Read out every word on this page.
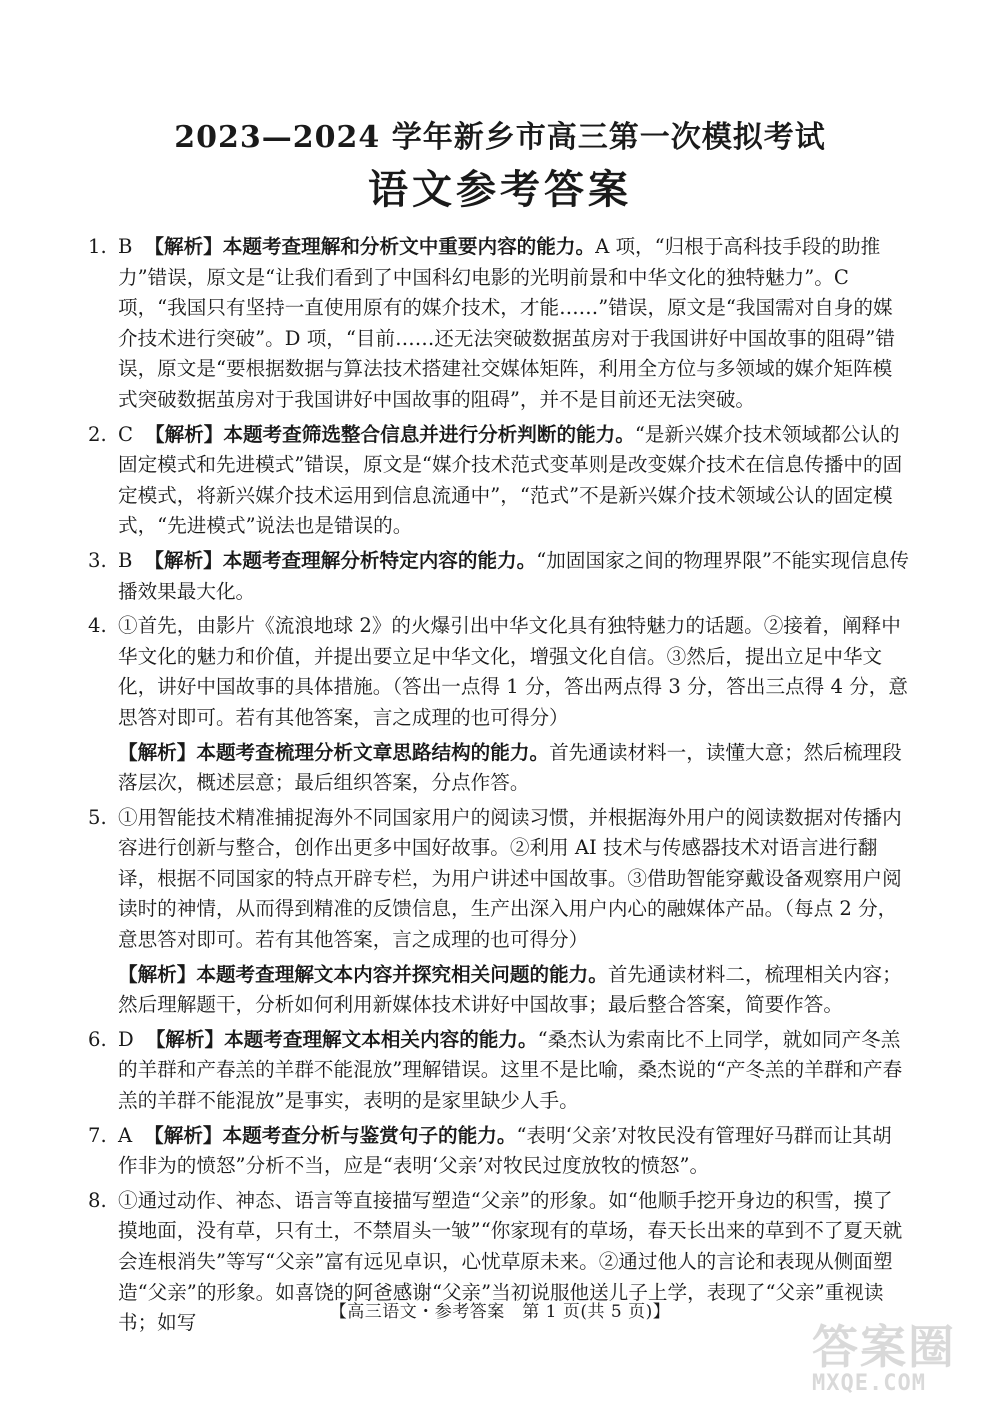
2023—2024 学年新乡市高三第一次模拟考试
语文参考答案
1. B 【解析】本题考查理解和分析文中重要内容的能力。A 项，“归根于高科技手段的助推力”错误，原文是“让我们看到了中国科幻电影的光明前景和中华文化的独特魅力”。C 项，“我国只有坚持一直使用原有的媒介技术，才能……”错误，原文是“我国需对自身的媒介技术进行突破”。D 项，“目前……还无法突破数据茧房对于我国讲好中国故事的阻碍”错误，原文是“要根据数据与算法技术搭建社交媒体矩阵，利用全方位与多领域的媒介矩阵模式突破数据茧房对于我国讲好中国故事的阻碍”，并不是目前还无法突破。
2. C 【解析】本题考查筛选整合信息并进行分析判断的能力。“是新兴媒介技术领域都公认的固定模式和先进模式”错误，原文是“媒介技术范式变革则是改变媒介技术在信息传播中的固定模式，将新兴媒介技术运用到信息流通中”，“范式”不是新兴媒介技术领域公认的固定模式，“先进模式”说法也是错误的。
3. B 【解析】本题考查理解分析特定内容的能力。“加固国家之间的物理界限”不能实现信息传播效果最大化。
4. ①首先，由影片《流浪地球 2》的火爆引出中华文化具有独特魅力的话题。②接着，阐释中华文化的魅力和价值，并提出要立足中华文化，增强文化自信。③然后，提出立足中华文化，讲好中国故事的具体措施。（答出一点得 1 分，答出两点得 3 分，答出三点得 4 分，意思答对即可。若有其他答案，言之成理的也可得分）
【解析】本题考查梳理分析文章思路结构的能力。首先通读材料一，读懂大意；然后梳理段落层次，概述层意；最后组织答案，分点作答。
5. ①用智能技术精准捕捉海外不同国家用户的阅读习惯，并根据海外用户的阅读数据对传播内容进行创新与整合，创作出更多中国好故事。②利用 AI 技术与传感器技术对语言进行翻译，根据不同国家的特点开辟专栏，为用户讲述中国故事。③借助智能穿戴设备观察用户阅读时的神情，从而得到精准的反馈信息，生产出深入用户内心的融媒体产品。（每点 2 分，意思答对即可。若有其他答案，言之成理的也可得分）
【解析】本题考查理解文本内容并探究相关问题的能力。首先通读材料二，梳理相关内容；然后理解题干，分析如何利用新媒体技术讲好中国故事；最后整合答案，简要作答。
6. D 【解析】本题考查理解文本相关内容的能力。“桑杰认为索南比不上同学，就如同产冬羔的羊群和产春羔的羊群不能混放”理解错误。这里不是比喻，桑杰说的“产冬羔的羊群和产春羔的羊群不能混放”是事实，表明的是家里缺少人手。
7. A 【解析】本题考查分析与鉴赏句子的能力。“表明‘父亲’对牧民没有管理好马群而让其胡作非为的愤怒”分析不当，应是“表明‘父亲’对牧民过度放牧的愤怒”。
8. ①通过动作、神态、语言等直接描写塑造“父亲”的形象。如“他顺手挖开身边的积雪，摸了摸地面，没有草，只有土，不禁眉头一皱”“你家现有的草场，春天长出来的草到不了夏天就会连根消失”等写“父亲”富有远见卓识，心忧草原未来。②通过他人的言论和表现从侧面塑造“父亲”的形象。如喜饶的阿爸感谢“父亲”当初说服他送儿子上学，表现了“父亲”重视读书；如写	【高三语文・参考答案　第 1 页(共 5 页)】
答案圈
MXQE.COM
